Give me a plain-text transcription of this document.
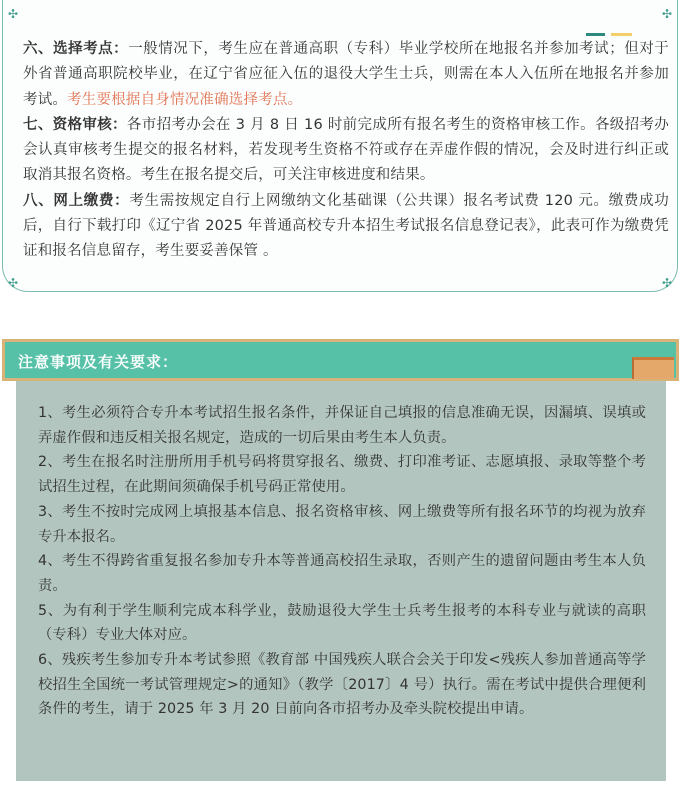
✣	✣
✣	✣

六、选择考点：一般情况下，考生应在普通高职（专科）毕业学校所在地报名并参加考试；但对于外省普通高职院校毕业，在辽宁省应征入伍的退役大学生士兵，则需在本人入伍所在地报名并参加考试。考生要根据自身情况准确选择考点。

七、资格审核：各市招考办会在 3 月 8 日 16 时前完成所有报名考生的资格审核工作。各级招考办会认真审核考生提交的报名材料，若发现考生资格不符或存在弄虚作假的情况，会及时进行纠正或取消其报名资格。考生在报名提交后，可关注审核进度和结果。

八、网上缴费：考生需按规定自行上网缴纳文化基础课（公共课）报名考试费 120 元。缴费成功后，自行下载打印《辽宁省 2025 年普通高校专升本招生考试报名信息登记表》，此表可作为缴费凭证和报名信息留存，考生要妥善保管 。

注意事项及有关要求：

1、考生必须符合专升本考试招生报名条件，并保证自己填报的信息准确无误，因漏填、误填或弄虚作假和违反相关报名规定，造成的一切后果由考生本人负责。

2、考生在报名时注册所用手机号码将贯穿报名、缴费、打印准考证、志愿填报、录取等整个考试招生过程，在此期间须确保手机号码正常使用。

3、考生不按时完成网上填报基本信息、报名资格审核、网上缴费等所有报名环节的均视为放弃专升本报名。

4、考生不得跨省重复报名参加专升本等普通高校招生录取，否则产生的遗留问题由考生本人负责。

5、为有利于学生顺利完成本科学业，鼓励退役大学生士兵考生报考的本科专业与就读的高职（专科）专业大体对应。

6、残疾考生参加专升本考试参照《教育部 中国残疾人联合会关于印发<残疾人参加普通高等学校招生全国统一考试管理规定>的通知》（教学〔2017〕4 号）执行。需在考试中提供合理便利条件的考生，请于 2025 年 3 月 20 日前向各市招考办及牵头院校提出申请。
